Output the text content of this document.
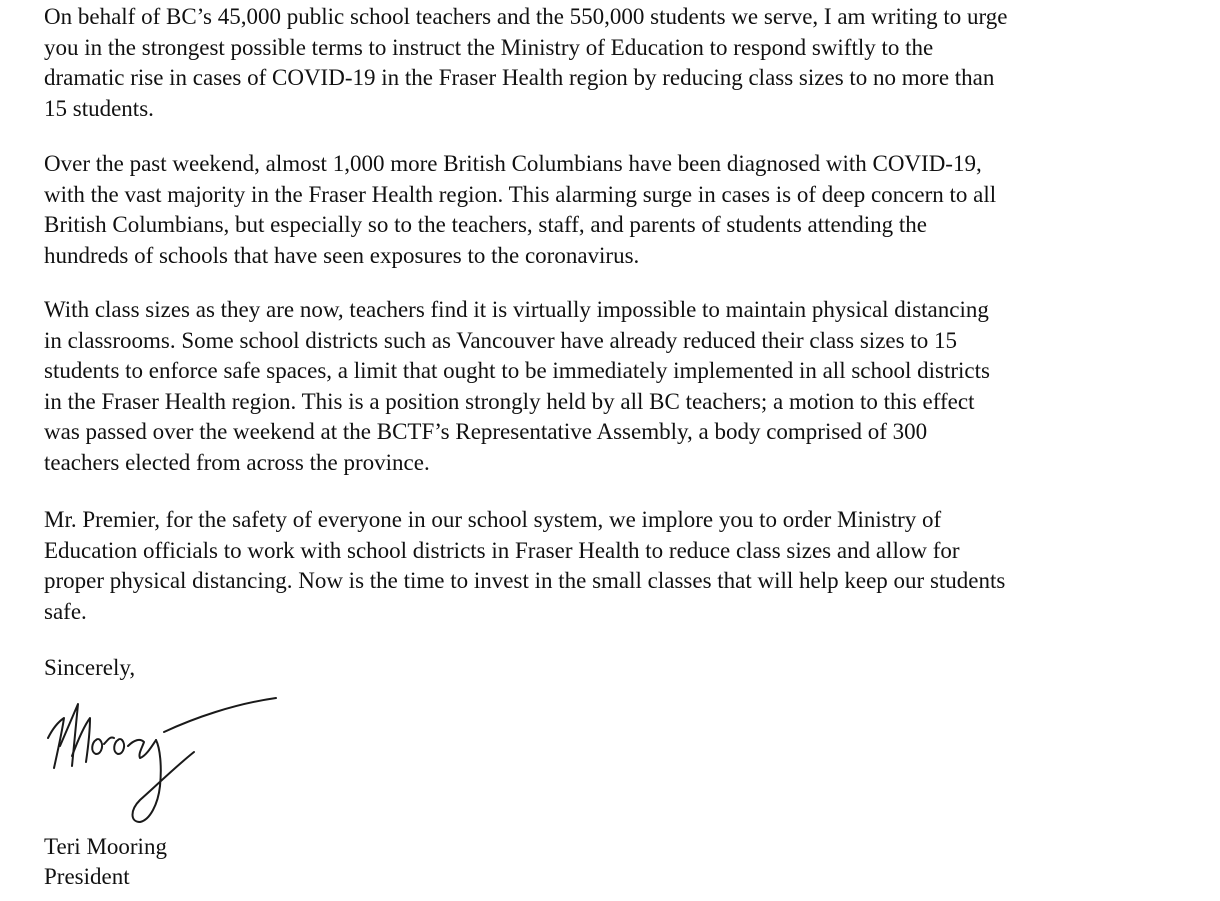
On behalf of BC’s 45,000 public school teachers and the 550,000 students we serve, I am writing to urge
you in the strongest possible terms to instruct the Ministry of Education to respond swiftly to the
dramatic rise in cases of COVID-19 in the Fraser Health region by reducing class sizes to no more than
15 students.

Over the past weekend, almost 1,000 more British Columbians have been diagnosed with COVID-19,
with the vast majority in the Fraser Health region. This alarming surge in cases is of deep concern to all
British Columbians, but especially so to the teachers, staff, and parents of students attending the
hundreds of schools that have seen exposures to the coronavirus.

With class sizes as they are now, teachers find it is virtually impossible to maintain physical distancing
in classrooms. Some school districts such as Vancouver have already reduced their class sizes to 15
students to enforce safe spaces, a limit that ought to be immediately implemented in all school districts
in the Fraser Health region. This is a position strongly held by all BC teachers; a motion to this effect
was passed over the weekend at the BCTF’s Representative Assembly, a body comprised of 300
teachers elected from across the province.

Mr. Premier, for the safety of everyone in our school system, we implore you to order Ministry of
Education officials to work with school districts in Fraser Health to reduce class sizes and allow for
proper physical distancing. Now is the time to invest in the small classes that will help keep our students
safe.

Sincerely,

Teri Mooring

President
